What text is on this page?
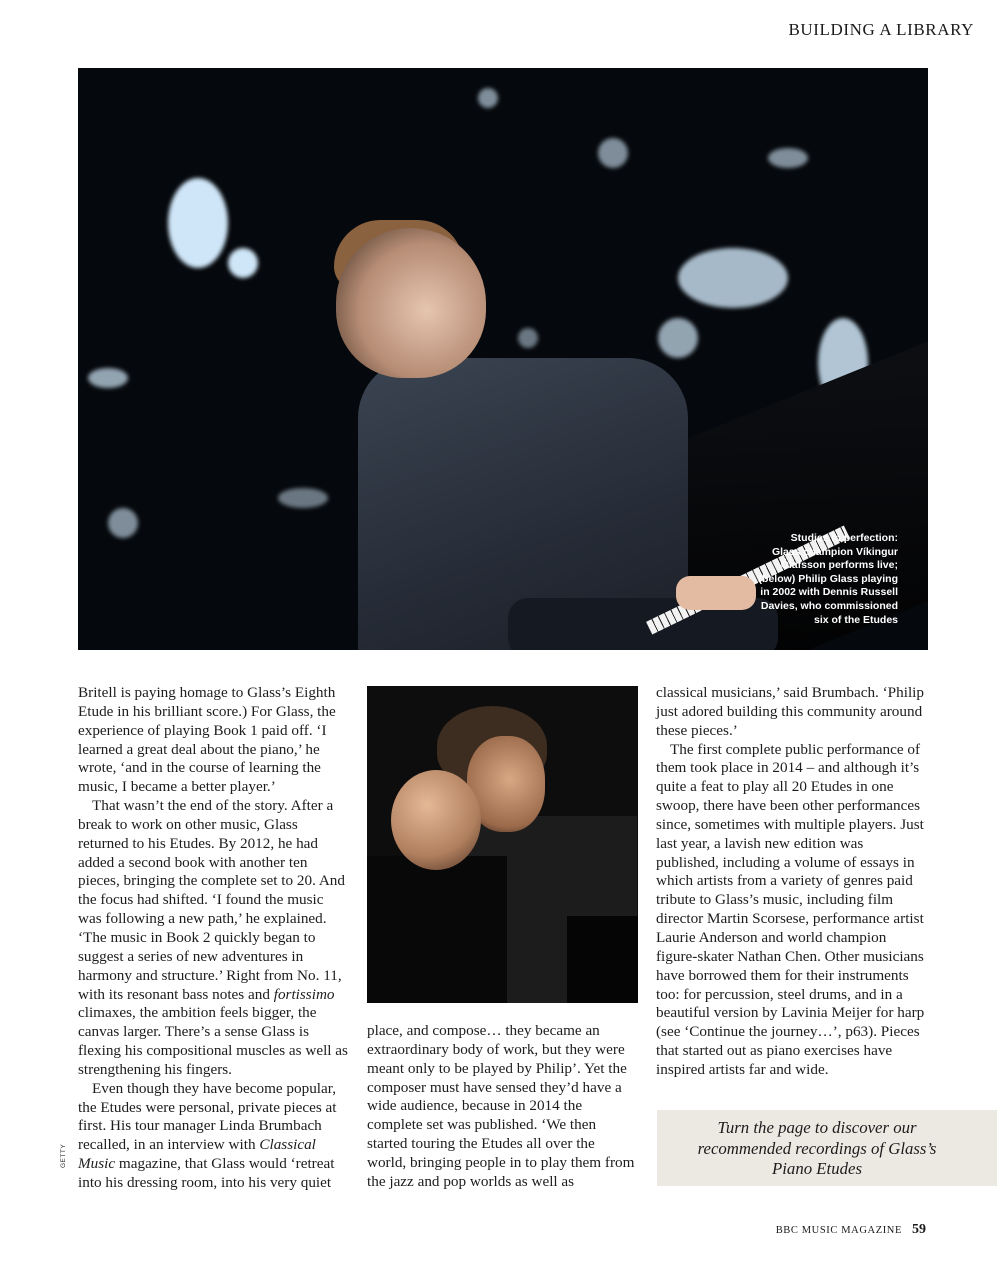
BUILDING A LIBRARY
Studies in perfection:
Glass champion Víkingur
Ólafsson performs live;
(below) Philip Glass playing
in 2002 with Dennis Russell
Davies, who commissioned
six of the Etudes

Britell is paying homage to Glass’s Eighth Etude in his brilliant score.) For Glass, the experience of playing Book 1 paid off. ‘I learned a great deal about the piano,’ he wrote, ‘and in the course of learning the music, I became a better player.’

That wasn’t the end of the story. After a break to work on other music, Glass returned to his Etudes. By 2012, he had added a second book with another ten pieces, bringing the complete set to 20. And the focus had shifted. ‘I found the music was following a new path,’ he explained. ‘The music in Book 2 quickly began to suggest a series of new adventures in harmony and structure.’ Right from No. 11, with its resonant bass notes and fortissimo climaxes, the ambition feels bigger, the canvas larger. There’s a sense Glass is flexing his compositional muscles as well as strengthening his fingers.

Even though they have become popular, the Etudes were personal, private pieces at first. His tour manager Linda Brumbach recalled, in an interview with Classical Music magazine, that Glass would ‘retreat into his dressing room, into his very quiet

place, and compose… they became an extraordinary body of work, but they were meant only to be played by Philip’. Yet the composer must have sensed they’d have a wide audience, because in 2014 the complete set was published. ‘We then started touring the Etudes all over the world, bringing people in to play them from the jazz and pop worlds as well as

classical musicians,’ said Brumbach. ‘Philip just adored building this community around these pieces.’

The first complete public performance of them took place in 2014 – and although it’s quite a feat to play all 20 Etudes in one swoop, there have been other performances since, sometimes with multiple players. Just last year, a lavish new edition was published, including a volume of essays in which artists from a variety of genres paid tribute to Glass’s music, including film director Martin Scorsese, performance artist Laurie Anderson and world champion figure-skater Nathan Chen. Other musicians have borrowed them for their instruments too: for percussion, steel drums, and in a beautiful version by Lavinia Meijer for harp (see ‘Continue the journey…’, p63). Pieces that started out as piano exercises have inspired artists far and wide.

GETTY
Turn the page to discover our recommended recordings of Glass’s Piano Etudes
BBC MUSIC MAGAZINE 59
